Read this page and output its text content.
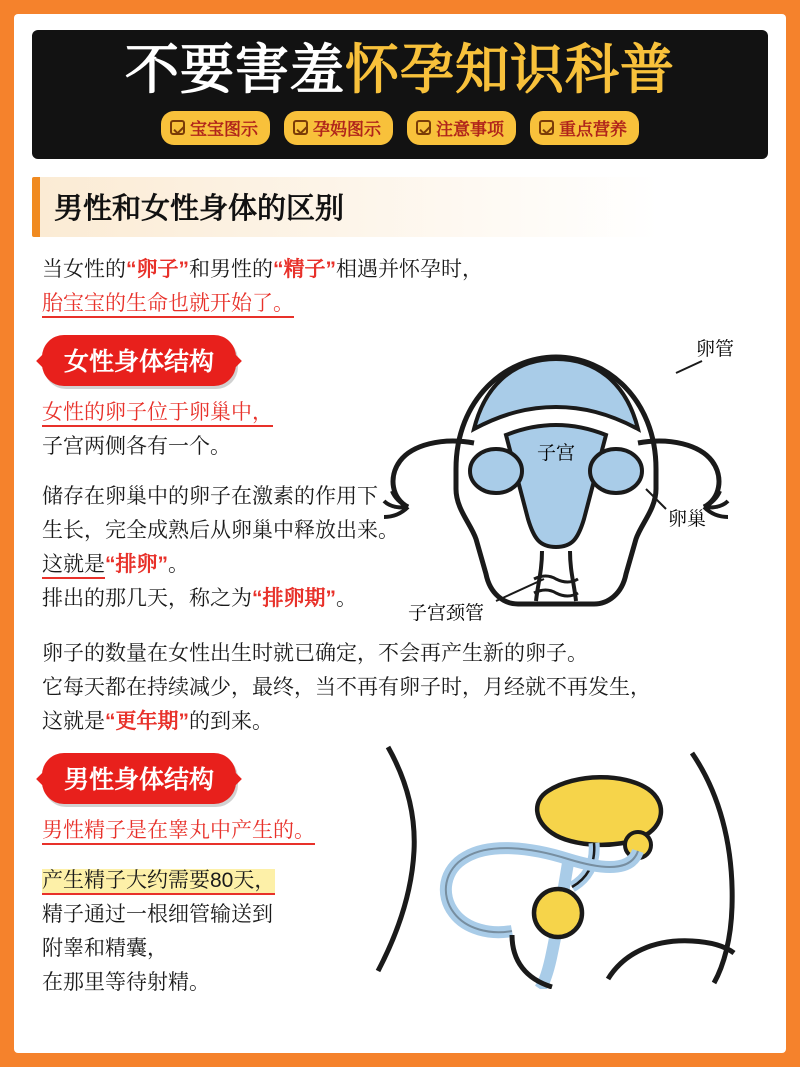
不要害羞怀孕知识科普
宝宝图示	孕妈图示	注意事项	重点营养
男性和女性身体的区别

当女性的“卵子”和男性的“精子”相遇并怀孕时，

胎宝宝的生命也就开始了。

卵管
子宫
卵巢
子宫颈管
女性身体结构

女性的卵子位于卵巢中，

子宫两侧各有一个。

储存在卵巢中的卵子在激素的作用下

生长，完全成熟后从卵巢中释放出来。

这就是“排卵”。

排出的那几天，称之为“排卵期”。

卵子的数量在女性出生时就已确定，不会再产生新的卵子。

它每天都在持续减少，最终，当不再有卵子时，月经就不再发生，

这就是“更年期”的到来。

男性身体结构

男性精子是在睾丸中产生的。

产生精子大约需要80天，

精子通过一根细管输送到

附睾和精囊，

在那里等待射精。
